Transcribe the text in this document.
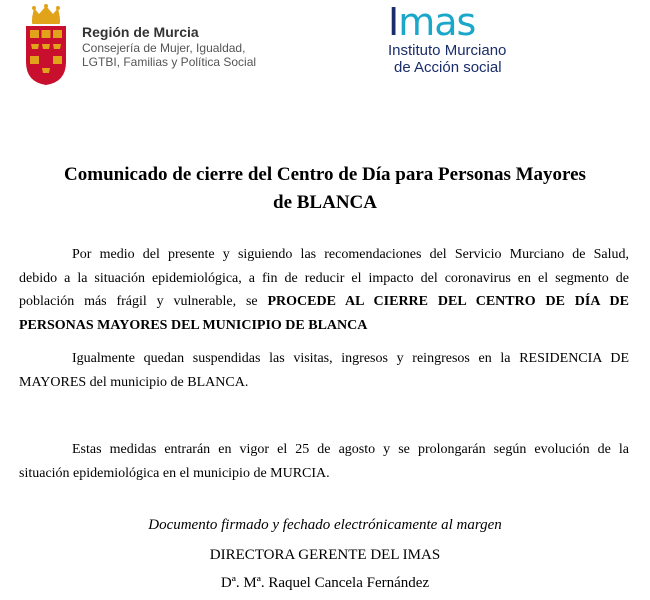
Región de Murcia
Consejería de Mujer, Igualdad,
LGTBI, Familias y Política Social
I mas
Instituto Murciano
de Acción social
Comunicado de cierre del Centro de Día para Personas Mayores
de BLANCA
Por medio del presente y siguiendo las recomendaciones del Servicio Murciano de Salud,
debido a la situación epidemiológica, a fin de reducir el impacto del coronavirus en el segmento de
población más frágil y vulnerable, se PROCEDE AL CIERRE DEL CENTRO DE DÍA DE
PERSONAS MAYORES DEL MUNICIPIO DE BLANCA
Igualmente quedan suspendidas las visitas, ingresos y reingresos en la RESIDENCIA DE
MAYORES del municipio de BLANCA.
Estas medidas entrarán en vigor el 25 de agosto y se prolongarán según evolución de la
situación epidemiológica en el municipio de MURCIA.
Documento firmado y fechado electrónicamente al margen
DIRECTORA GERENTE DEL IMAS
Dª. Mª. Raquel Cancela Fernández
